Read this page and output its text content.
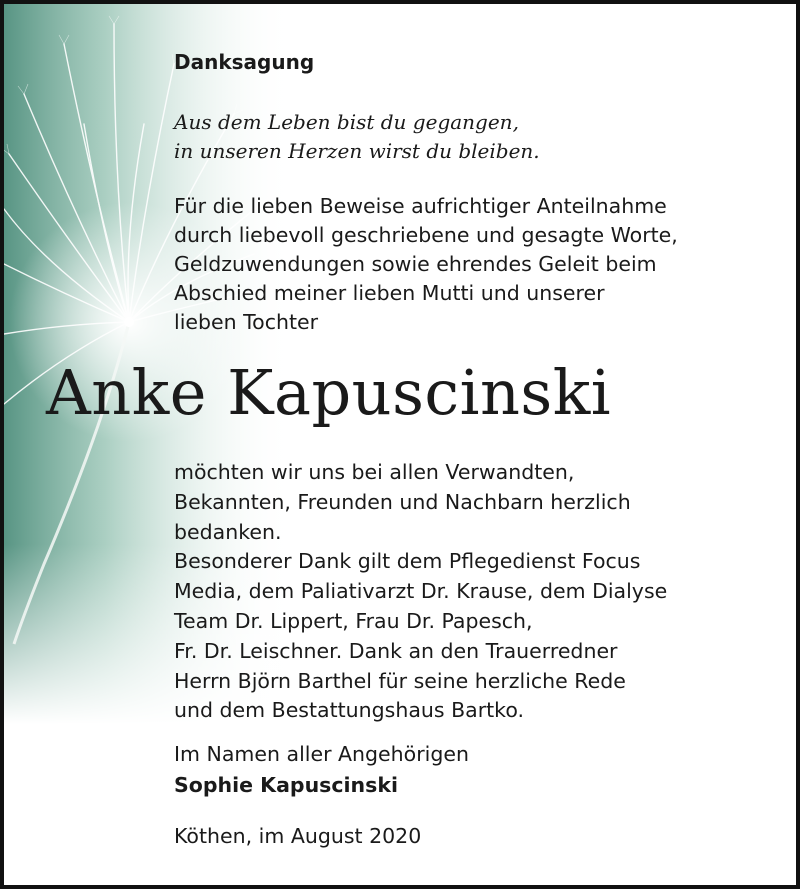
Danksagung

Aus dem Leben bist du gegangen,
in unseren Herzen wirst du bleiben.

Für die lieben Beweise aufrichtiger Anteilnahme
durch liebevoll geschriebene und gesagte Worte,
Geldzuwendungen sowie ehrendes Geleit beim
Abschied meiner lieben Mutti und unserer
lieben Tochter

Anke Kapuscinski

möchten wir uns bei allen Verwandten,
Bekannten, Freunden und Nachbarn herzlich
bedanken.
Besonderer Dank gilt dem Pflegedienst Focus
Media, dem Paliativarzt Dr. Krause, dem Dialyse
Team Dr. Lippert, Frau Dr. Papesch,
Fr. Dr. Leischner. Dank an den Trauerredner
Herrn Björn Barthel für seine herzliche Rede
und dem Bestattungshaus Bartko.

Im Namen aller Angehörigen
Sophie Kapuscinski

Köthen, im August 2020
